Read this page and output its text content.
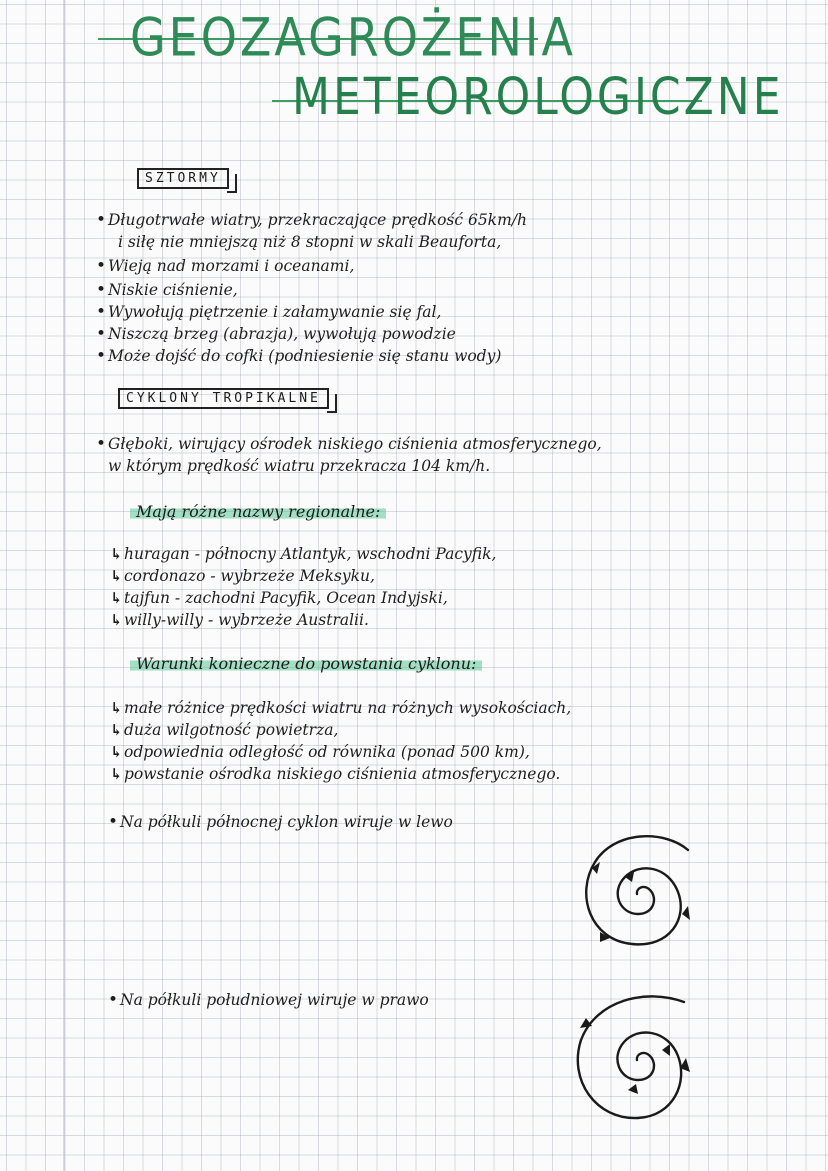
GEOZAGROŻENIA
METEOROLOGICZNE
SZTORMY
• Długotrwałe wiatry, przekraczające prędkość 65km/h
i siłę nie mniejszą niż 8 stopni w skali Beauforta,
• Wieją nad morzami i oceanami,
• Niskie ciśnienie,
• Wywołują piętrzenie i załamywanie się fal,
• Niszczą brzeg (abrazja), wywołują powodzie
• Może dojść do cofki (podniesienie się stanu wody)
CYKLONY TROPIKALNE
• Głęboki, wirujący ośrodek niskiego ciśnienia atmosferycznego,
w którym prędkość wiatru przekracza 104 km/h.
Mają różne nazwy regionalne:
↳ huragan - północny Atlantyk, wschodni Pacyfik,
↳ cordonazo - wybrzeże Meksyku,
↳ tajfun - zachodni Pacyfik, Ocean Indyjski,
↳ willy-willy - wybrzeże Australii.
Warunki konieczne do powstania cyklonu:
↳ małe różnice prędkości wiatru na różnych wysokościach,
↳ duża wilgotność powietrza,
↳ odpowiednia odległość od równika (ponad 500 km),
↳ powstanie ośrodka niskiego ciśnienia atmosferycznego.
• Na półkuli północnej cyklon wiruje w lewo
• Na półkuli południowej wiruje w prawo
